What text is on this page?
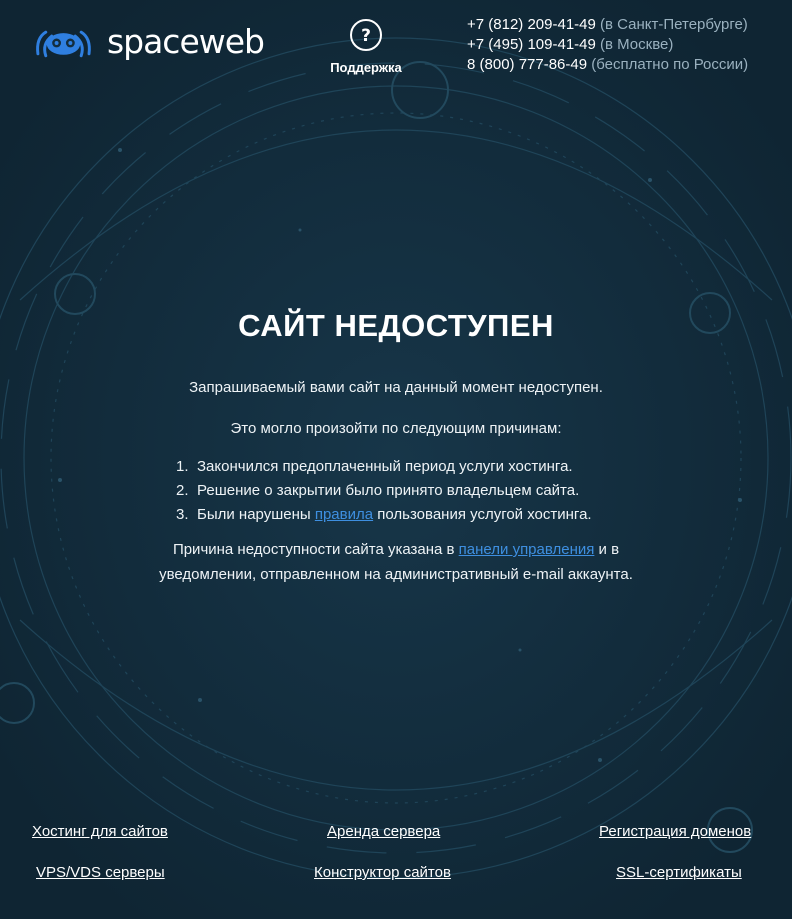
spaceweb	?
Поддержка
+7 (812) 209-41-49 (в Санкт-Петербурге)
+7 (495) 109-41-49 (в Москве)
8 (800) 777-86-49 (бесплатно по России)
САЙТ НЕДОСТУПЕН

Запрашиваемый вами сайт на данный момент недоступен.

Это могло произойти по следующим причинам:

1. Закончился предоплаченный период услуги хостинга.
2. Решение о закрытии было принято владельцем сайта.
3. Были нарушены правила пользования услугой хостинга.

Причина недоступности сайта указана в панели управления и в уведомлении, отправленном на административный e-mail аккаунта.

Хостинг для сайтов	Аренда сервера	Регистрация доменов
VPS/VDS серверы	Конструктор сайтов	SSL-сертификаты
